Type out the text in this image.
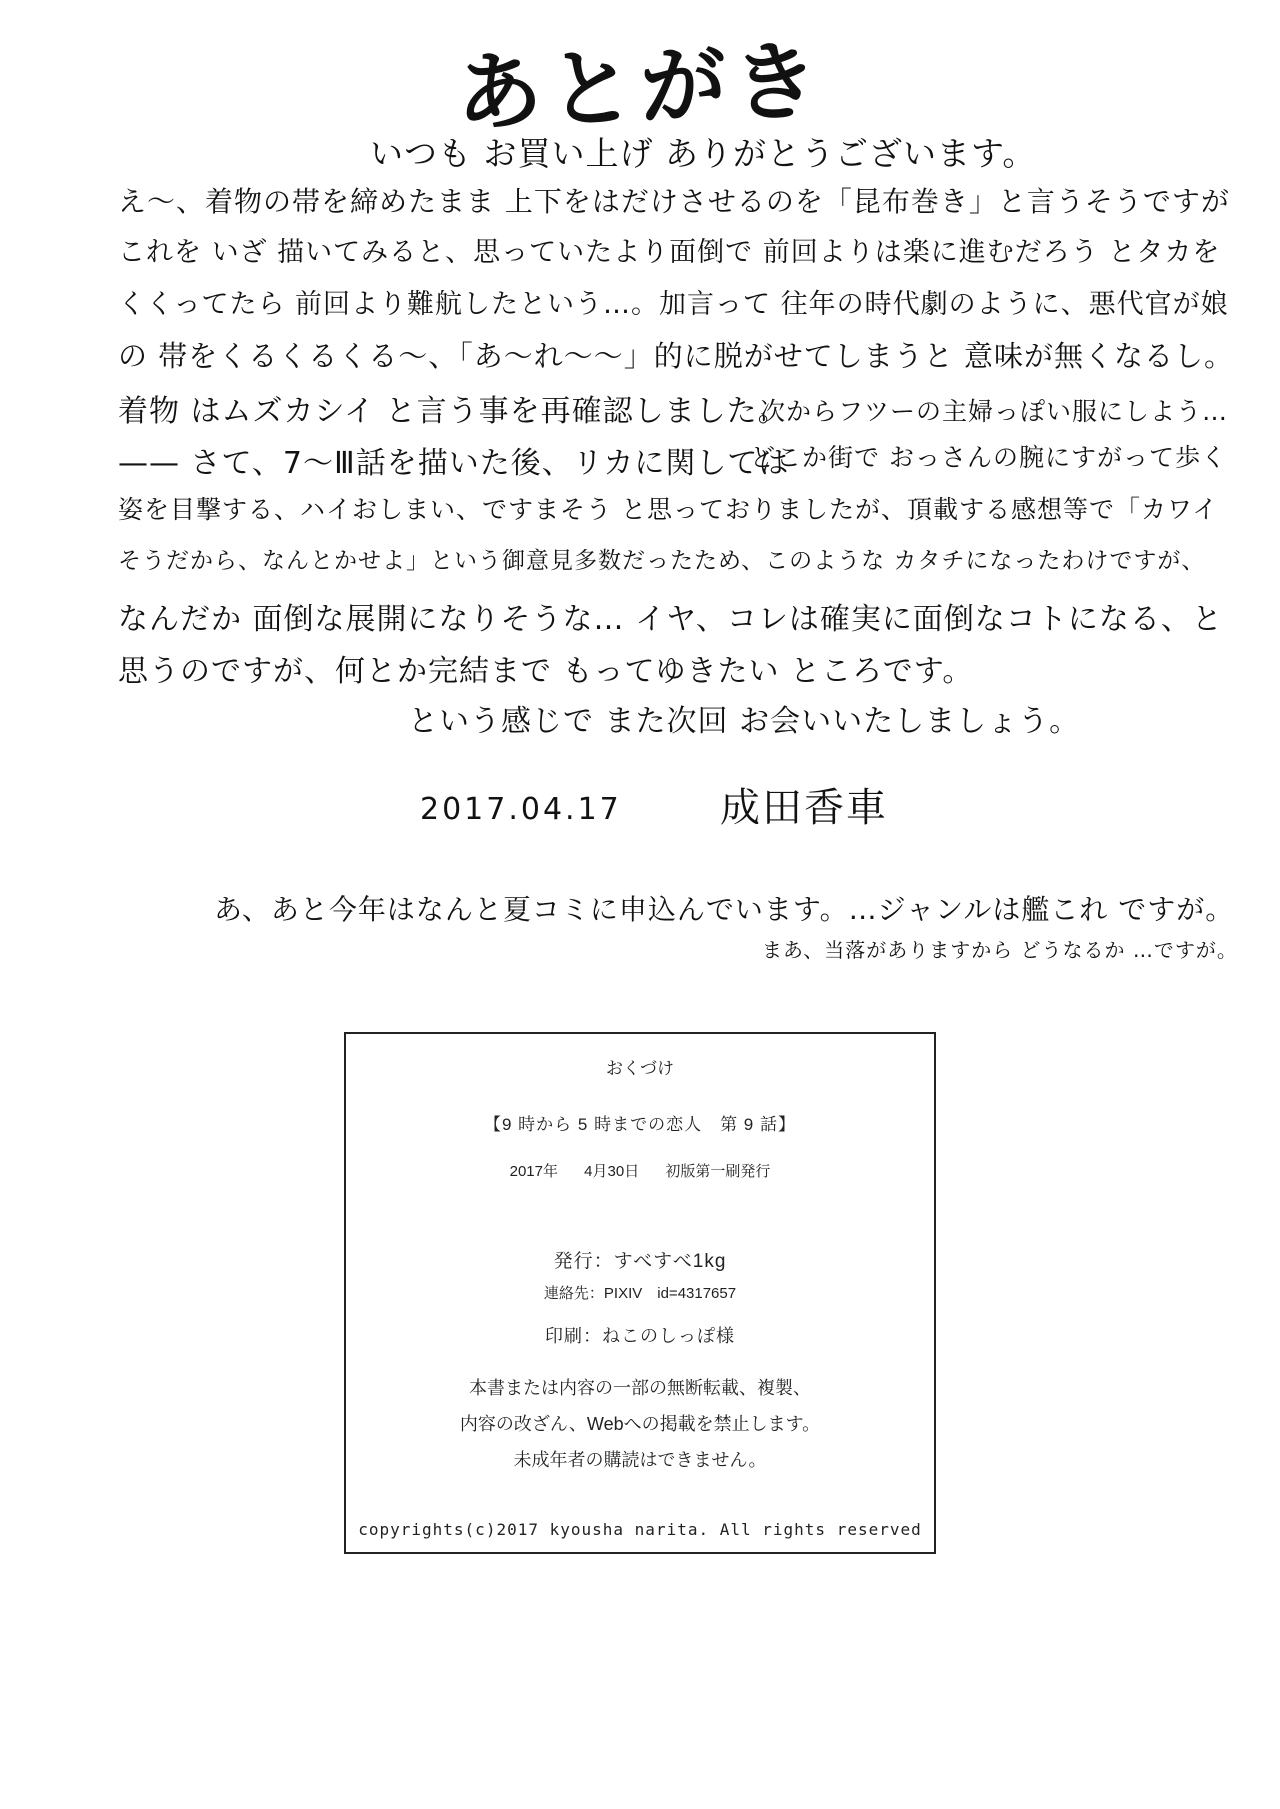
あとがき
いつも お買い上げ ありがとうございます。
え〜、着物の帯を締めたまま 上下をはだけさせるのを「昆布巻き」と言うそうですが
これを いざ 描いてみると、思っていたより面倒で 前回よりは楽に進むだろう とタカを
くくってたら 前回より難航したという…。加言って 往年の時代劇のように、悪代官が娘
の 帯をくるくるくる〜、「あ〜れ〜〜」的に脱がせてしまうと 意味が無くなるし。
着物 はムズカシイ と言う事を再確認しました。
次からフツーの主婦っぽい服にしよう…
—— さて、7〜Ⅲ話を描いた後、リカに関しては
どこか街で おっさんの腕にすがって歩く
姿を目撃する、ハイおしまい、ですまそう と思っておりましたが、頂載する感想等で「カワイ
そうだから、なんとかせよ」という御意見多数だったため、このような カタチになったわけですが、
なんだか 面倒な展開になりそうな… イヤ、コレは確実に面倒なコトになる、と
思うのですが、何とか完結まで もってゆきたい ところです。
という感じで また次回 お会いいたしましょう。
2017.04.17 成田香車
あ、あと今年はなんと夏コミに申込んでいます。…ジャンルは艦これ ですが。
まあ、当落がありますから どうなるか …ですが。
おくづけ
【9 時から 5 時までの恋人　第 9 話】
2017年 4月30日 初版第一刷発行
発行：すべすべ1kg
連絡先：PIXIV　id=4317657
印刷：ねこのしっぽ様
本書または内容の一部の無断転載、複製、
内容の改ざん、Webへの掲載を禁止します。
未成年者の購読はできません。
copyrights(c)2017 kyousha narita. All rights reserved
